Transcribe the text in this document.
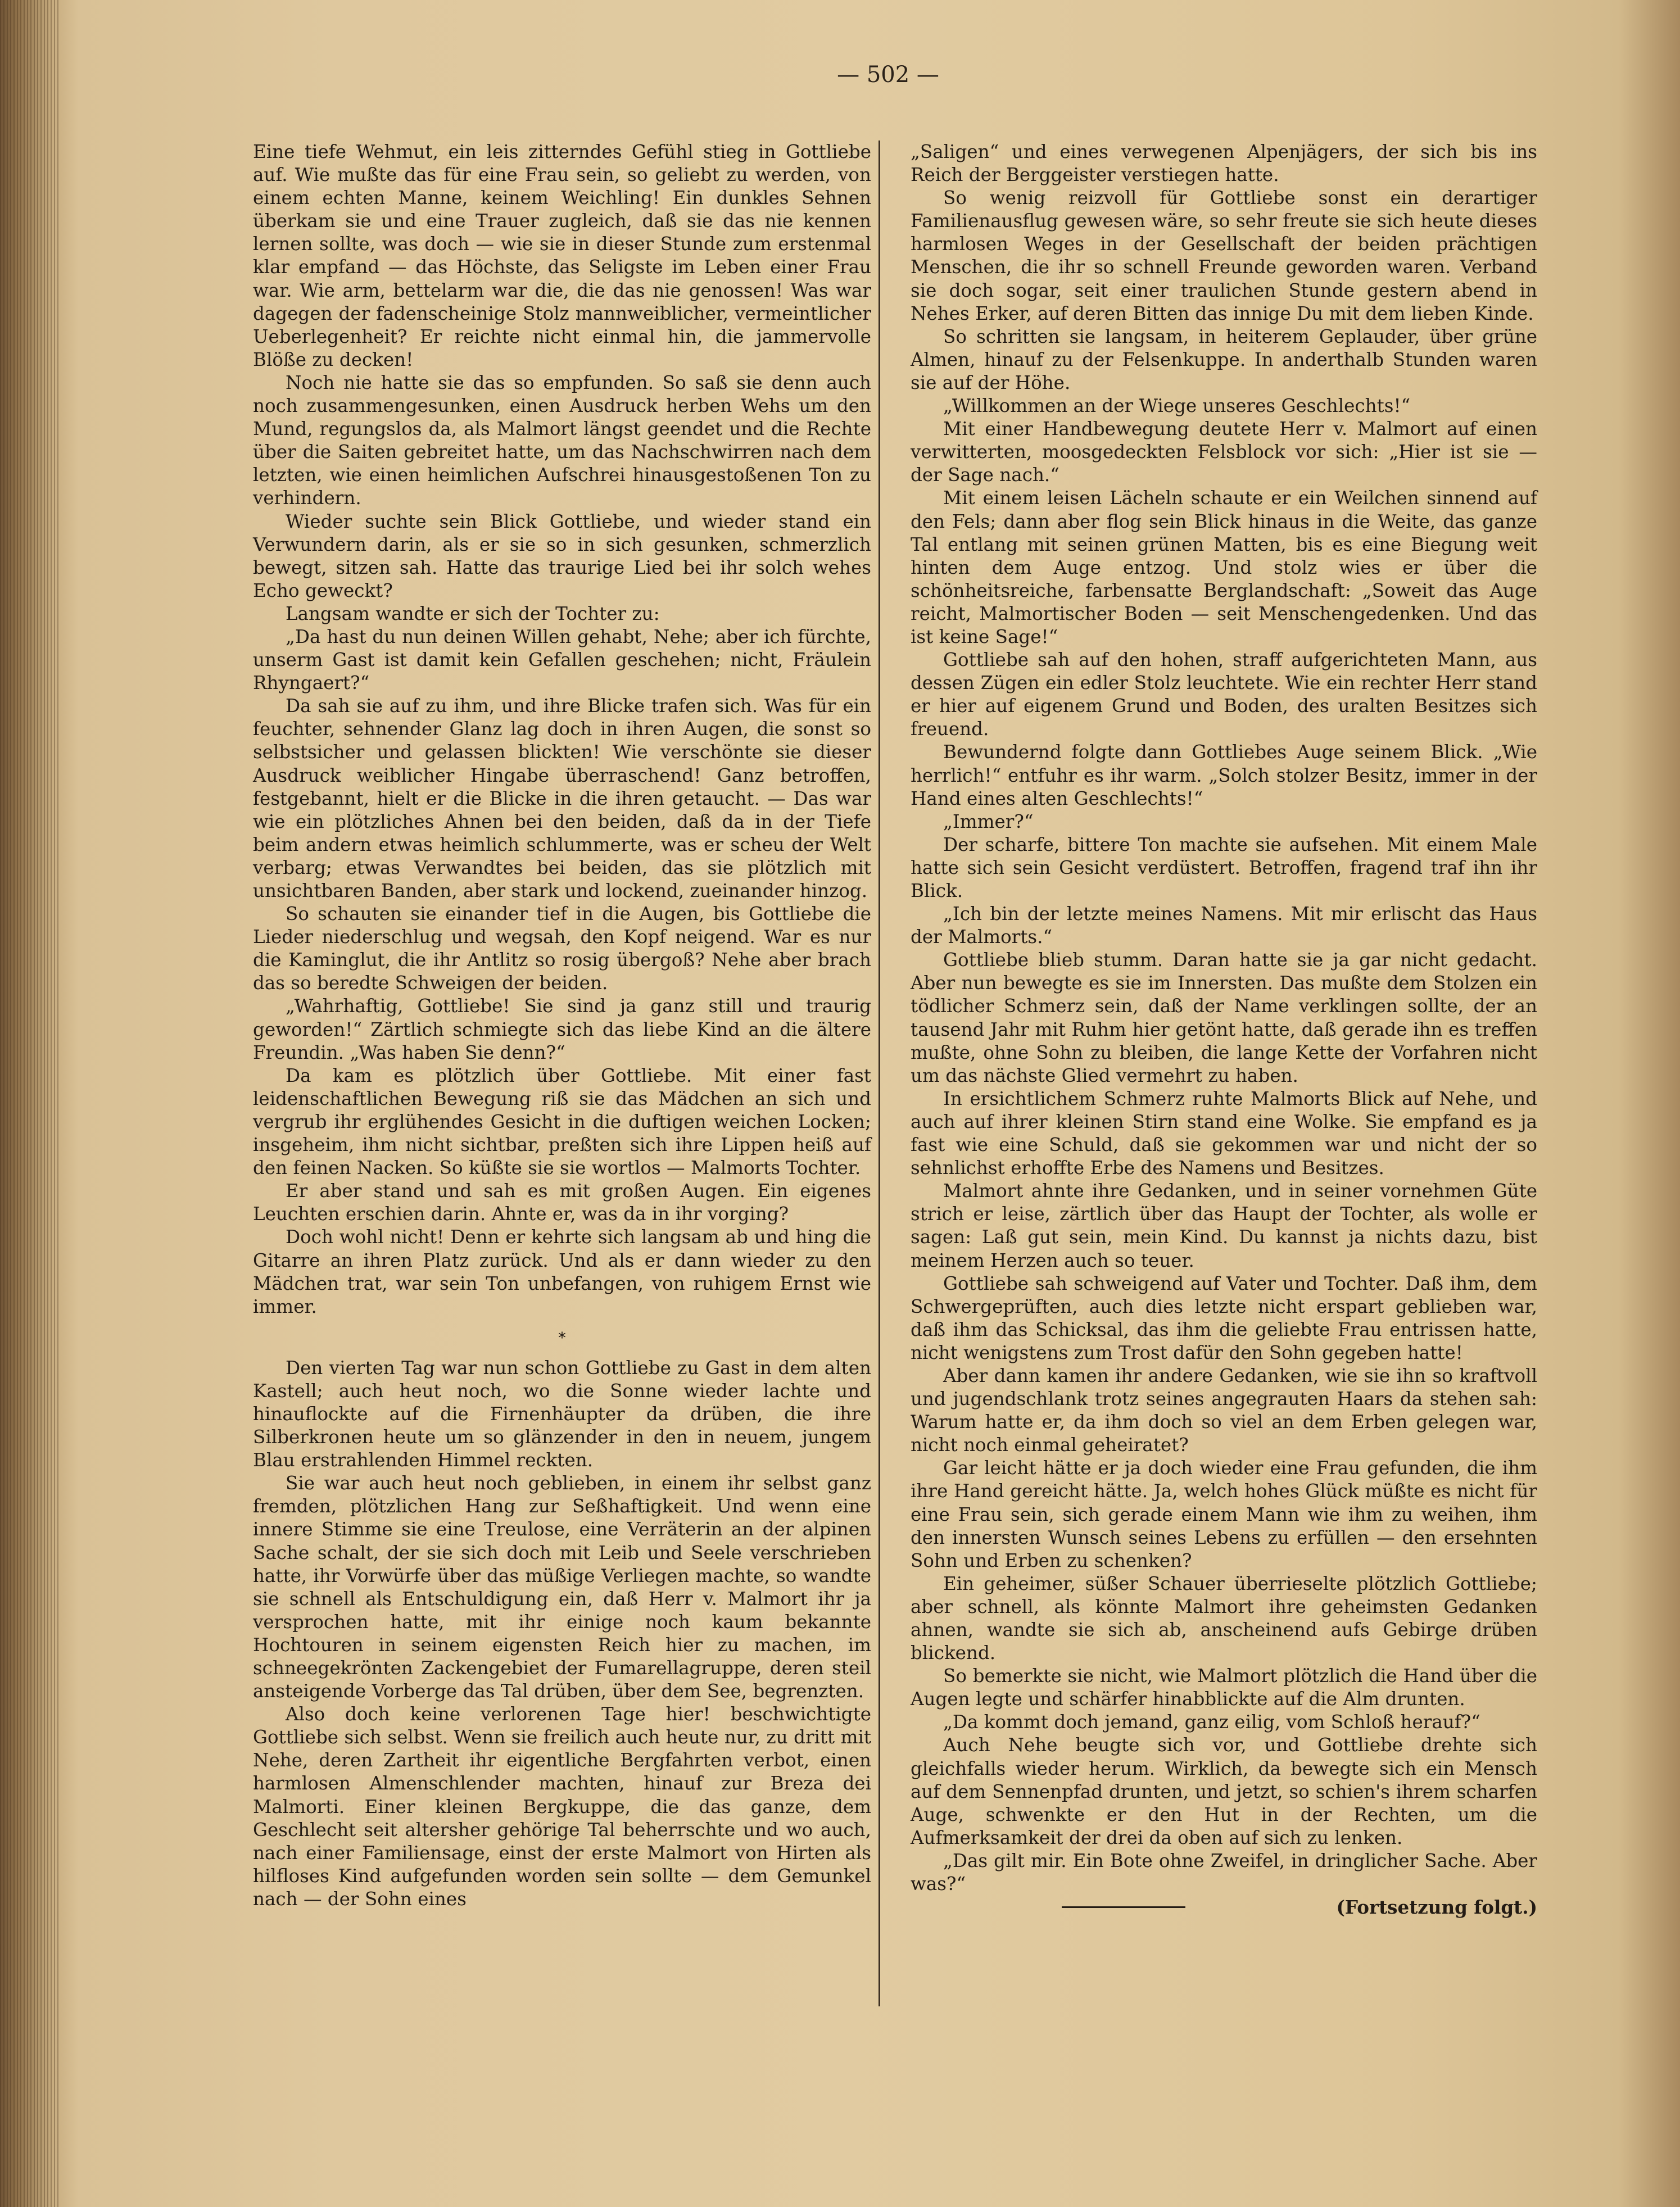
— 502 —

Eine tiefe Wehmut, ein leis zitterndes Gefühl stieg in Gottliebe auf. Wie mußte das für eine Frau sein, so geliebt zu werden, von einem echten Manne, keinem Weichling! Ein dunkles Sehnen überkam sie und eine Trauer zugleich, daß sie das nie kennen lernen sollte, was doch — wie sie in dieser Stunde zum erstenmal klar empfand — das Höchste, das Seligste im Leben einer Frau war. Wie arm, bettelarm war die, die das nie genossen! Was war dagegen der fadenscheinige Stolz mannweiblicher, vermeintlicher Ueberlegenheit? Er reichte nicht einmal hin, die jammervolle Blöße zu decken!

Noch nie hatte sie das so empfunden. So saß sie denn auch noch zusammengesunken, einen Ausdruck herben Wehs um den Mund, regungslos da, als Malmort längst geendet und die Rechte über die Saiten gebreitet hatte, um das Nachschwirren nach dem letzten, wie einen heimlichen Aufschrei hinausgestoßenen Ton zu verhindern.

Wieder suchte sein Blick Gottliebe, und wieder stand ein Verwundern darin, als er sie so in sich gesunken, schmerzlich bewegt, sitzen sah. Hatte das traurige Lied bei ihr solch wehes Echo geweckt?

Langsam wandte er sich der Tochter zu:

„Da hast du nun deinen Willen gehabt, Nehe; aber ich fürchte, unserm Gast ist damit kein Gefallen geschehen; nicht, Fräulein Rhyngaert?“

Da sah sie auf zu ihm, und ihre Blicke trafen sich. Was für ein feuchter, sehnender Glanz lag doch in ihren Augen, die sonst so selbstsicher und gelassen blickten! Wie verschönte sie dieser Ausdruck weiblicher Hingabe überraschend! Ganz betroffen, festgebannt, hielt er die Blicke in die ihren getaucht. — Das war wie ein plötzliches Ahnen bei den beiden, daß da in der Tiefe beim andern etwas heimlich schlummerte, was er scheu der Welt verbarg; etwas Verwandtes bei beiden, das sie plötzlich mit unsichtbaren Banden, aber stark und lockend, zueinander hinzog.

So schauten sie einander tief in die Augen, bis Gottliebe die Lieder niederschlug und wegsah, den Kopf neigend. War es nur die Kaminglut, die ihr Antlitz so rosig übergoß? Nehe aber brach das so beredte Schweigen der beiden.

„Wahrhaftig, Gottliebe! Sie sind ja ganz still und traurig geworden!“ Zärtlich schmiegte sich das liebe Kind an die ältere Freundin. „Was haben Sie denn?“

Da kam es plötzlich über Gottliebe. Mit einer fast leidenschaftlichen Bewegung riß sie das Mädchen an sich und vergrub ihr erglühendes Gesicht in die duftigen weichen Locken; insgeheim, ihm nicht sichtbar, preßten sich ihre Lippen heiß auf den feinen Nacken. So küßte sie sie wortlos — Malmorts Tochter.

Er aber stand und sah es mit großen Augen. Ein eigenes Leuchten erschien darin. Ahnte er, was da in ihr vorging?

Doch wohl nicht! Denn er kehrte sich langsam ab und hing die Gitarre an ihren Platz zurück. Und als er dann wieder zu den Mädchen trat, war sein Ton unbefangen, von ruhigem Ernst wie immer.

*

Den vierten Tag war nun schon Gottliebe zu Gast in dem alten Kastell; auch heut noch, wo die Sonne wieder lachte und hinauflockte auf die Firnenhäupter da drüben, die ihre Silberkronen heute um so glänzender in den in neuem, jungem Blau erstrahlenden Himmel reckten.

Sie war auch heut noch geblieben, in einem ihr selbst ganz fremden, plötzlichen Hang zur Seßhaftigkeit. Und wenn eine innere Stimme sie eine Treulose, eine Verräterin an der alpinen Sache schalt, der sie sich doch mit Leib und Seele verschrieben hatte, ihr Vorwürfe über das müßige Verliegen machte, so wandte sie schnell als Entschuldigung ein, daß Herr v. Malmort ihr ja versprochen hatte, mit ihr einige noch kaum bekannte Hochtouren in seinem eigensten Reich hier zu machen, im schneegekrönten Zackengebiet der Fumarellagruppe, deren steil ansteigende Vorberge das Tal drüben, über dem See, begrenzten.

Also doch keine verlorenen Tage hier! beschwichtigte Gottliebe sich selbst. Wenn sie freilich auch heute nur, zu dritt mit Nehe, deren Zartheit ihr eigentliche Bergfahrten verbot, einen harmlosen Almenschlender machten, hinauf zur Breza dei Malmorti. Einer kleinen Bergkuppe, die das ganze, dem Geschlecht seit altersher gehörige Tal beherrschte und wo auch, nach einer Familiensage, einst der erste Malmort von Hirten als hilfloses Kind aufgefunden worden sein sollte — dem Gemunkel nach — der Sohn eines

„Saligen“ und eines verwegenen Alpenjägers, der sich bis ins Reich der Berggeister verstiegen hatte.

So wenig reizvoll für Gottliebe sonst ein derartiger Familienausflug gewesen wäre, so sehr freute sie sich heute dieses harmlosen Weges in der Gesellschaft der beiden prächtigen Menschen, die ihr so schnell Freunde geworden waren. Verband sie doch sogar, seit einer traulichen Stunde gestern abend in Nehes Erker, auf deren Bitten das innige Du mit dem lieben Kinde.

So schritten sie langsam, in heiterem Geplauder, über grüne Almen, hinauf zu der Felsenkuppe. In anderthalb Stunden waren sie auf der Höhe.

„Willkommen an der Wiege unseres Geschlechts!“

Mit einer Handbewegung deutete Herr v. Malmort auf einen verwitterten, moosgedeckten Felsblock vor sich: „Hier ist sie — der Sage nach.“

Mit einem leisen Lächeln schaute er ein Weilchen sinnend auf den Fels; dann aber flog sein Blick hinaus in die Weite, das ganze Tal entlang mit seinen grünen Matten, bis es eine Biegung weit hinten dem Auge entzog. Und stolz wies er über die schönheitsreiche, farbensatte Berglandschaft: „Soweit das Auge reicht, Malmortischer Boden — seit Menschengedenken. Und das ist keine Sage!“

Gottliebe sah auf den hohen, straff aufgerichteten Mann, aus dessen Zügen ein edler Stolz leuchtete. Wie ein rechter Herr stand er hier auf eigenem Grund und Boden, des uralten Besitzes sich freuend.

Bewundernd folgte dann Gottliebes Auge seinem Blick. „Wie herrlich!“ entfuhr es ihr warm. „Solch stolzer Besitz, immer in der Hand eines alten Geschlechts!“

„Immer?“

Der scharfe, bittere Ton machte sie aufsehen. Mit einem Male hatte sich sein Gesicht verdüstert. Betroffen, fragend traf ihn ihr Blick.

„Ich bin der letzte meines Namens. Mit mir erlischt das Haus der Malmorts.“

Gottliebe blieb stumm. Daran hatte sie ja gar nicht gedacht. Aber nun bewegte es sie im Innersten. Das mußte dem Stolzen ein tödlicher Schmerz sein, daß der Name verklingen sollte, der an tausend Jahr mit Ruhm hier getönt hatte, daß gerade ihn es treffen mußte, ohne Sohn zu bleiben, die lange Kette der Vorfahren nicht um das nächste Glied vermehrt zu haben.

In ersichtlichem Schmerz ruhte Malmorts Blick auf Nehe, und auch auf ihrer kleinen Stirn stand eine Wolke. Sie empfand es ja fast wie eine Schuld, daß sie gekommen war und nicht der so sehnlichst erhoffte Erbe des Namens und Besitzes.

Malmort ahnte ihre Gedanken, und in seiner vornehmen Güte strich er leise, zärtlich über das Haupt der Tochter, als wolle er sagen: Laß gut sein, mein Kind. Du kannst ja nichts dazu, bist meinem Herzen auch so teuer.

Gottliebe sah schweigend auf Vater und Tochter. Daß ihm, dem Schwergeprüften, auch dies letzte nicht erspart geblieben war, daß ihm das Schicksal, das ihm die geliebte Frau entrissen hatte, nicht wenigstens zum Trost dafür den Sohn gegeben hatte!

Aber dann kamen ihr andere Gedanken, wie sie ihn so kraftvoll und jugendschlank trotz seines angegrauten Haars da stehen sah: Warum hatte er, da ihm doch so viel an dem Erben gelegen war, nicht noch einmal geheiratet?

Gar leicht hätte er ja doch wieder eine Frau gefunden, die ihm ihre Hand gereicht hätte. Ja, welch hohes Glück müßte es nicht für eine Frau sein, sich gerade einem Mann wie ihm zu weihen, ihm den innersten Wunsch seines Lebens zu erfüllen — den ersehnten Sohn und Erben zu schenken?

Ein geheimer, süßer Schauer überrieselte plötzlich Gottliebe; aber schnell, als könnte Malmort ihre geheimsten Gedanken ahnen, wandte sie sich ab, anscheinend aufs Gebirge drüben blickend.

So bemerkte sie nicht, wie Malmort plötzlich die Hand über die Augen legte und schärfer hinabblickte auf die Alm drunten.

„Da kommt doch jemand, ganz eilig, vom Schloß herauf?“

Auch Nehe beugte sich vor, und Gottliebe drehte sich gleichfalls wieder herum. Wirklich, da bewegte sich ein Mensch auf dem Sennenpfad drunten, und jetzt, so schien's ihrem scharfen Auge, schwenkte er den Hut in der Rechten, um die Aufmerksamkeit der drei da oben auf sich zu lenken.

„Das gilt mir. Ein Bote ohne Zweifel, in dringlicher Sache. Aber was?“

(Fortsetzung folgt.)
